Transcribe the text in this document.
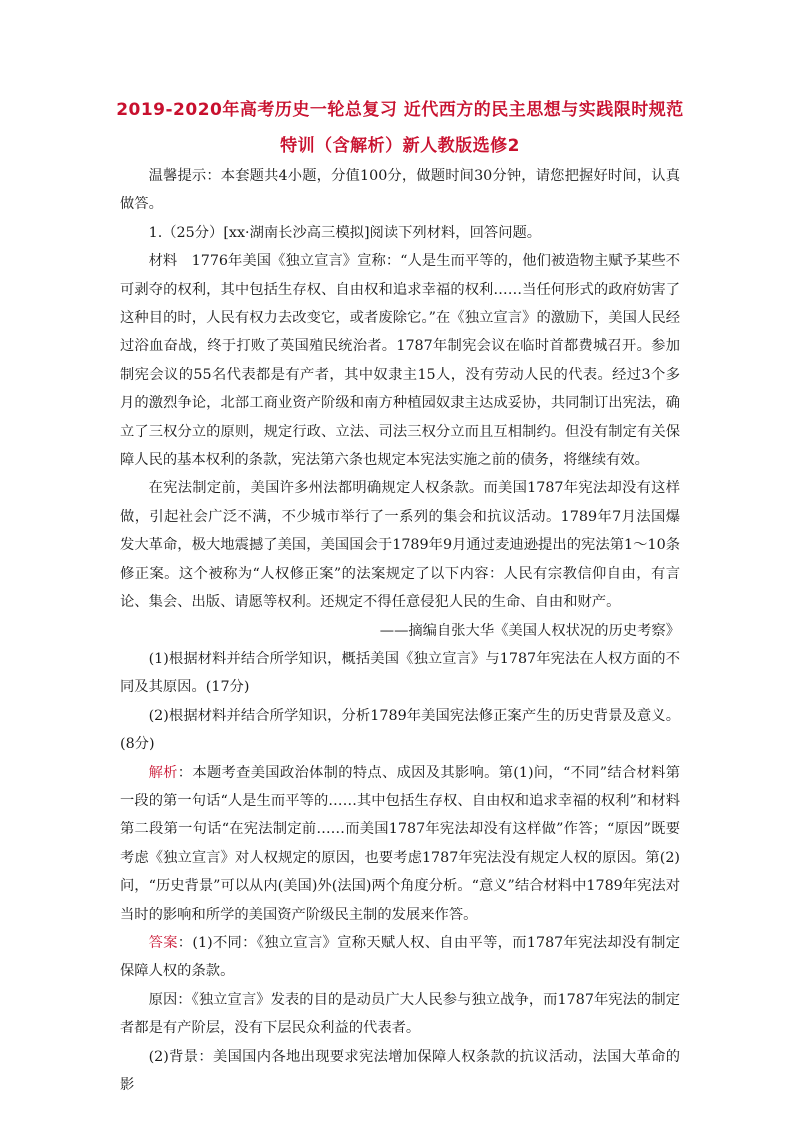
2019-2020年高考历史一轮总复习 近代西方的民主思想与实践限时规范
特训（含解析）新人教版选修2

温馨提示：本套题共4小题，分值100分，做题时间30分钟，请您把握好时间，认真做答。

1.（25分）[xx·湖南长沙高三模拟]阅读下列材料，回答问题。

材料　1776年美国《独立宣言》宣称：“人是生而平等的，他们被造物主赋予某些不可剥夺的权利，其中包括生存权、自由权和追求幸福的权利……当任何形式的政府妨害了这种目的时，人民有权力去改变它，或者废除它。”在《独立宣言》的激励下，美国人民经过浴血奋战，终于打败了英国殖民统治者。1787年制宪会议在临时首都费城召开。参加制宪会议的55名代表都是有产者，其中奴隶主15人，没有劳动人民的代表。经过3个多月的激烈争论，北部工商业资产阶级和南方种植园奴隶主达成妥协，共同制订出宪法，确立了三权分立的原则，规定行政、立法、司法三权分立而且互相制约。但没有制定有关保障人民的基本权利的条款，宪法第六条也规定本宪法实施之前的债务，将继续有效。

在宪法制定前，美国许多州法都明确规定人权条款。而美国1787年宪法却没有这样做，引起社会广泛不满，不少城市举行了一系列的集会和抗议活动。1789年7月法国爆发大革命，极大地震撼了美国，美国国会于1789年9月通过麦迪逊提出的宪法第1～10条修正案。这个被称为“人权修正案”的法案规定了以下内容：人民有宗教信仰自由，有言论、集会、出版、请愿等权利。还规定不得任意侵犯人民的生命、自由和财产。

——摘编自张大华《美国人权状况的历史考察》

(1)根据材料并结合所学知识，概括美国《独立宣言》与1787年宪法在人权方面的不同及其原因。(17分)

(2)根据材料并结合所学知识，分析1789年美国宪法修正案产生的历史背景及意义。(8分)

解析：本题考查美国政治体制的特点、成因及其影响。第(1)问，“不同”结合材料第一段的第一句话“人是生而平等的……其中包括生存权、自由权和追求幸福的权利”和材料第二段第一句话“在宪法制定前……而美国1787年宪法却没有这样做”作答；“原因”既要考虑《独立宣言》对人权规定的原因，也要考虑1787年宪法没有规定人权的原因。第(2)问，“历史背景”可以从内(美国)外(法国)两个角度分析。“意义”结合材料中1789年宪法对当时的影响和所学的美国资产阶级民主制的发展来作答。

答案：(1)不同：《独立宣言》宣称天赋人权、自由平等，而1787年宪法却没有制定保障人权的条款。

原因：《独立宣言》发表的目的是动员广大人民参与独立战争，而1787年宪法的制定者都是有产阶层，没有下层民众利益的代表者。

(2)背景：美国国内各地出现要求宪法增加保障人权条款的抗议活动，法国大革命的影
